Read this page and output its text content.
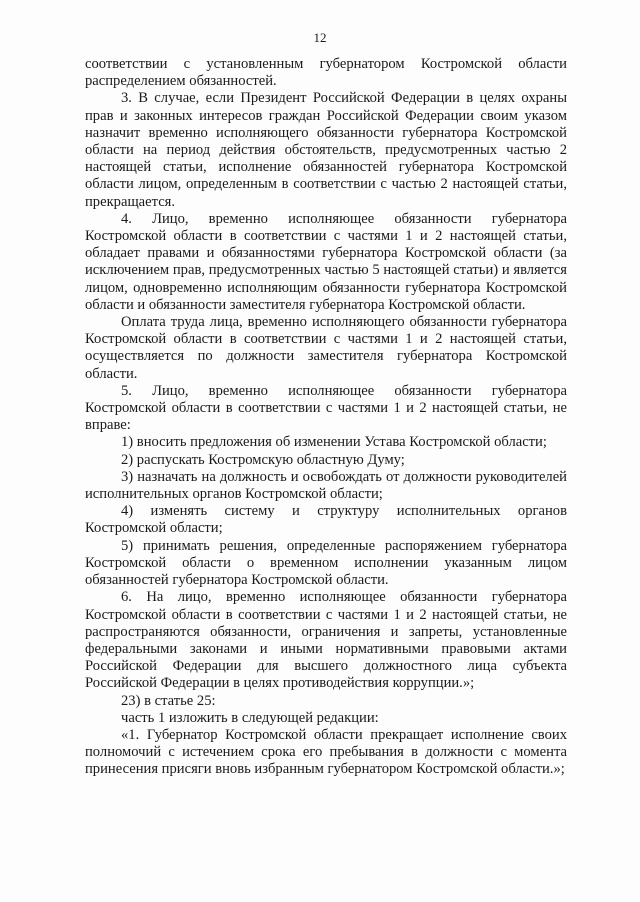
12

соответствии с установленным губернатором Костромской области распределением обязанностей.

3. В случае, если Президент Российской Федерации в целях охраны прав и законных интересов граждан Российской Федерации своим указом назначит временно исполняющего обязанности губернатора Костромской области на период действия обстоятельств, предусмотренных частью 2 настоящей статьи, исполнение обязанностей губернатора Костромской области лицом, определенным в соответствии с частью 2 настоящей статьи, прекращается.

4. Лицо, временно исполняющее обязанности губернатора Костромской области в соответствии с частями 1 и 2 настоящей статьи, обладает правами и обязанностями губернатора Костромской области (за исключением прав, предусмотренных частью 5 настоящей статьи) и является лицом, одновременно исполняющим обязанности губернатора Костромской области и обязанности заместителя губернатора Костромской области.

Оплата труда лица, временно исполняющего обязанности губернатора Костромской области в соответствии с частями 1 и 2 настоящей статьи, осуществляется по должности заместителя губернатора Костромской области.

5. Лицо, временно исполняющее обязанности губернатора Костромской области в соответствии с частями 1 и 2 настоящей статьи, не вправе:

1) вносить предложения об изменении Устава Костромской области;

2) распускать Костромскую областную Думу;

3) назначать на должность и освобождать от должности руководителей исполнительных органов Костромской области;

4) изменять систему и структуру исполнительных органов Костромской области;

5) принимать решения, определенные распоряжением губернатора Костромской области о временном исполнении указанным лицом обязанностей губернатора Костромской области.

6. На лицо, временно исполняющее обязанности губернатора Костромской области в соответствии с частями 1 и 2 настоящей статьи, не распространяются обязанности, ограничения и запреты, установленные федеральными законами и иными нормативными правовыми актами Российской Федерации для высшего должностного лица субъекта Российской Федерации в целях противодействия коррупции.»;

23) в статье 25:

часть 1 изложить в следующей редакции:

«1. Губернатор Костромской области прекращает исполнение своих полномочий с истечением срока его пребывания в должности с момента принесения присяги вновь избранным губернатором Костромской области.»;
